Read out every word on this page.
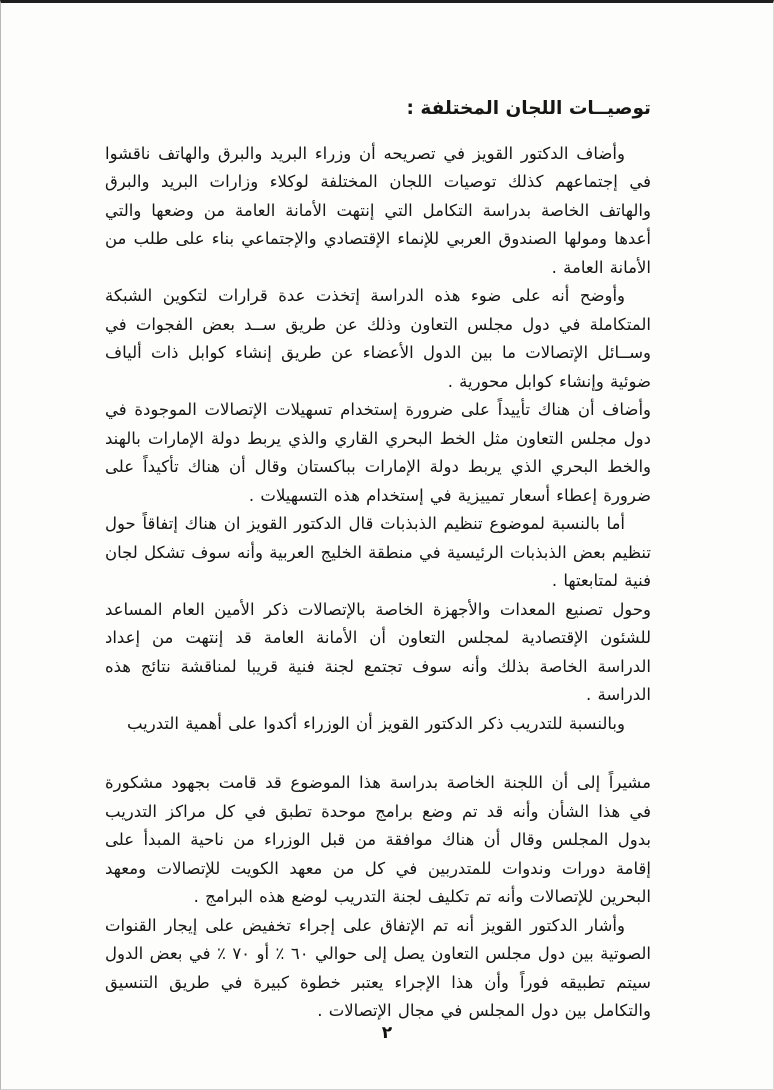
توصيــات اللجان المختلفة :

وأضاف الدكتور القويز في تصريحه أن وزراء البريد والبرق والهاتف ناقشوا في إجتماعهم كذلك توصيات اللجان المختلفة لوكلاء وزارات البريد والبرق والهاتف الخاصة بدراسة التكامل التي إنتهت الأمانة العامة من وضعها والتي أعدها ومولها الصندوق العربي للإنماء الإقتصادي والإجتماعي بناء على طلب من الأمانة العامة .

وأوضح أنه على ضوء هذه الدراسة إتخذت عدة قرارات لتكوين الشبكة المتكاملة في دول مجلس التعاون وذلك عن طريق ســد بعض الفجوات في وســائل الإتصالات ما بين الدول الأعضاء عن طريق إنشاء كوابل ذات ألياف ضوئية وإنشاء كوابل محورية .

وأضاف أن هناك تأييداً على ضرورة إستخدام تسهيلات الإتصالات الموجودة في دول مجلس التعاون مثل الخط البحري القاري والذي يربط دولة الإمارات بالهند والخط البحري الذي يربط دولة الإمارات بباكستان وقال أن هناك تأكيداً على ضرورة إعطاء أسعار تمييزية في إستخدام هذه التسهيلات .

أما بالنسبة لموضوع تنظيم الذبذبات قال الدكتور القويز ان هناك إتفاقاً حول تنظيم بعض الذبذبات الرئيسية في منطقة الخليج العربية وأنه سوف تشكل لجان فنية لمتابعتها .

وحول تصنيع المعدات والأجهزة الخاصة بالإتصالات ذكر الأمين العام المساعد للشئون الإقتصادية لمجلس التعاون أن الأمانة العامة قد إنتهت من إعداد الدراسة الخاصة بذلك وأنه سوف تجتمع لجنة فنية قريبا لمناقشة نتائج هذه الدراسة .

وبالنسبة للتدريب ذكر الدكتور القويز أن الوزراء أكدوا على أهمية التدريب

مشيراً إلى أن اللجنة الخاصة بدراسة هذا الموضوع قد قامت بجهود مشكورة في هذا الشأن وأنه قد تم وضع برامج موحدة تطبق في كل مراكز التدريب بدول المجلس وقال أن هناك موافقة من قبل الوزراء من ناحية المبدأ على إقامة دورات وندوات للمتدربين في كل من معهد الكويت للإتصالات ومعهد البحرين للإتصالات وأنه تم تكليف لجنة التدريب لوضع هذه البرامج .

وأشار الدكتور القويز أنه تم الإتفاق على إجراء تخفيض على إيجار القنوات الصوتية بين دول مجلس التعاون يصل إلى حوالي ٦٠ ٪ أو ٧٠ ٪ في بعض الدول سيتم تطبيقه فوراً وأن هذا الإجراء يعتبر خطوة كبيرة في طريق التنسيق والتكامل بين دول المجلس في مجال الإتصالات .

٢
